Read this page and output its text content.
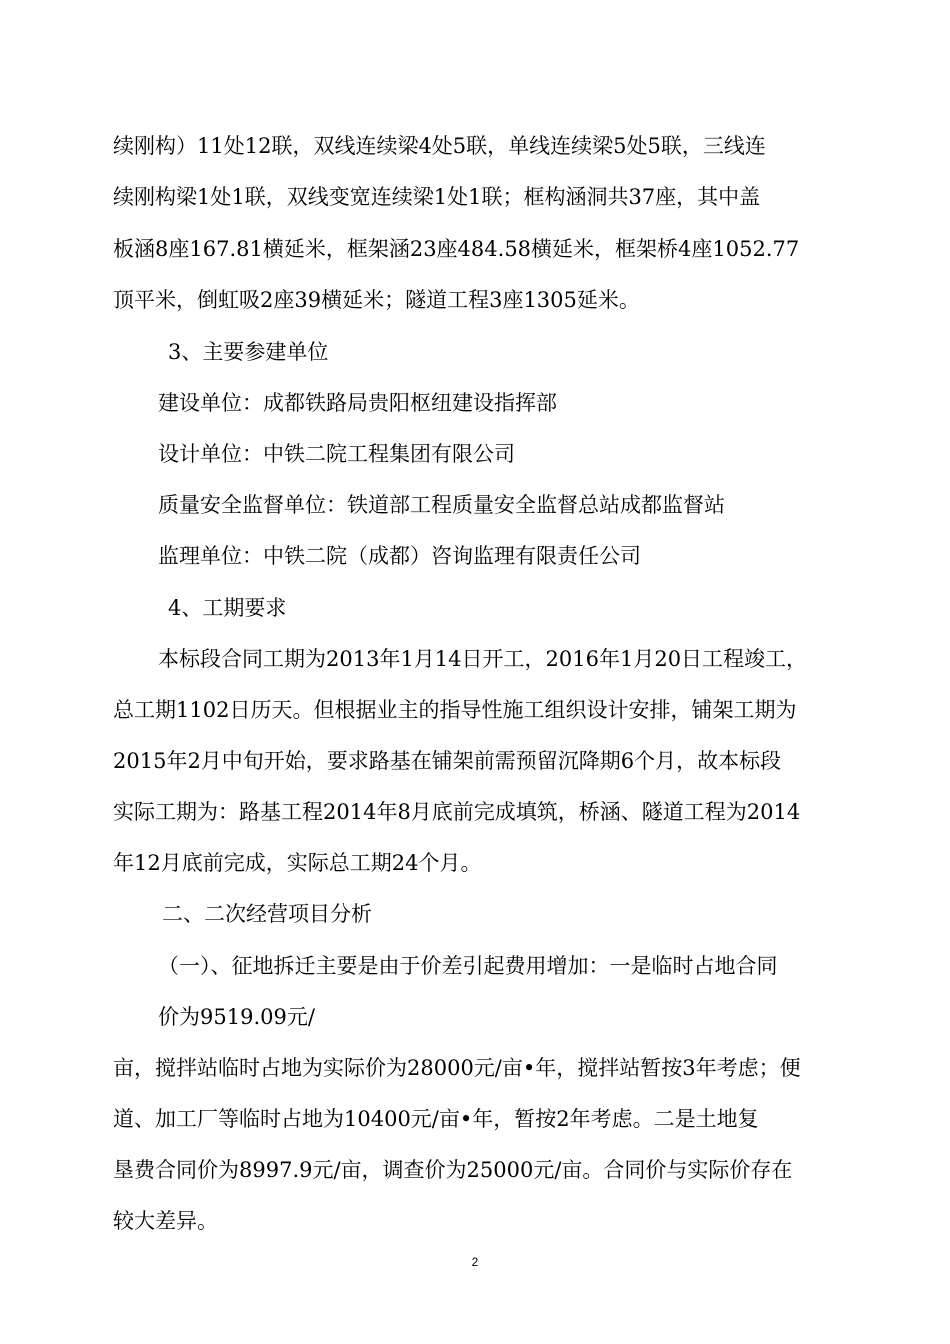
续刚构）11处12联，双线连续梁4处5联，单线连续梁5处5联，三线连
续刚构梁1处1联，双线变宽连续梁1处1联；框构涵洞共37座，其中盖
板涵8座167.81横延米，框架涵23座484.58横延米，框架桥4座1052.77
顶平米，倒虹吸2座39横延米；隧道工程3座1305延米。
3、主要参建单位
建设单位：成都铁路局贵阳枢纽建设指挥部
设计单位：中铁二院工程集团有限公司
质量安全监督单位：铁道部工程质量安全监督总站成都监督站
监理单位：中铁二院（成都）咨询监理有限责任公司
4、工期要求
本标段合同工期为2013年1月14日开工，2016年1月20日工程竣工，
总工期1102日历天。但根据业主的指导性施工组织设计安排，铺架工期为
2015年2月中旬开始，要求路基在铺架前需预留沉降期6个月，故本标段
实际工期为：路基工程2014年8月底前完成填筑，桥涵、隧道工程为2014
年12月底前完成，实际总工期24个月。
二、二次经营项目分析
（一）、征地拆迁主要是由于价差引起费用增加：一是临时占地合同
价为9519.09元/
亩，搅拌站临时占地为实际价为28000元/亩•年，搅拌站暂按3年考虑；便
道、加工厂等临时占地为10400元/亩•年，暂按2年考虑。二是土地复
垦费合同价为8997.9元/亩，调查价为25000元/亩。合同价与实际价存在
较大差异。
2
